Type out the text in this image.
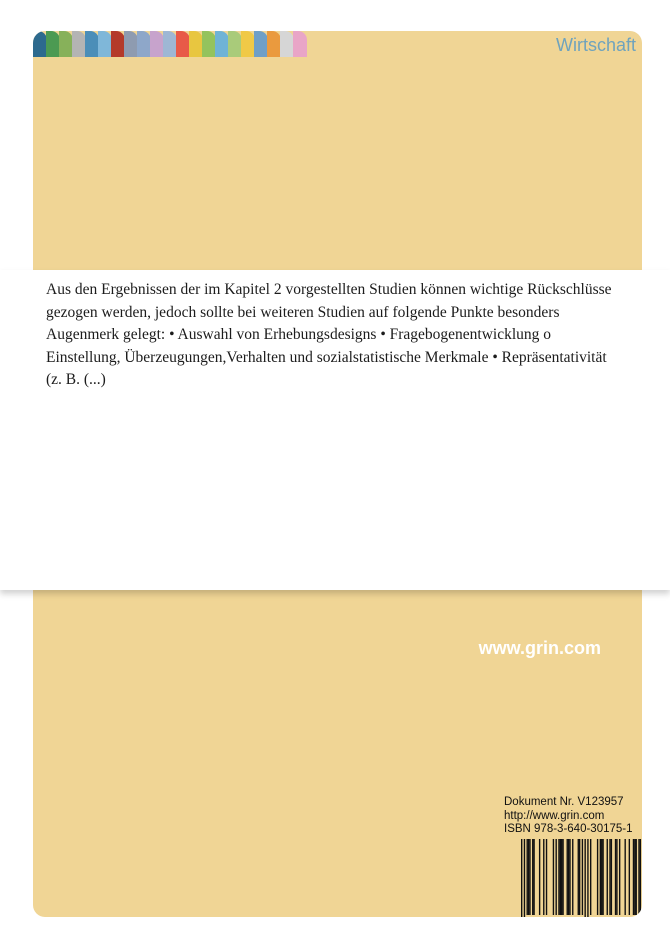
Wirtschaft
www.grin.com
Dokument Nr. V123957
http://www.grin.com
ISBN 978-3-640-30175-1
9 783640
301751

Aus den Ergebnissen der im Kapitel 2 vorgestellten Studien können wichtige Rückschlüsse gezogen werden, jedoch sollte bei weiteren Studien auf folgende Punkte besonders Augenmerk gelegt: • Auswahl von Erhebungsdesigns • Fragebogenentwicklung o Einstellung, Überzeugungen,Verhalten und sozialstatistische Merkmale • Repräsentativität (z. B. (...)
